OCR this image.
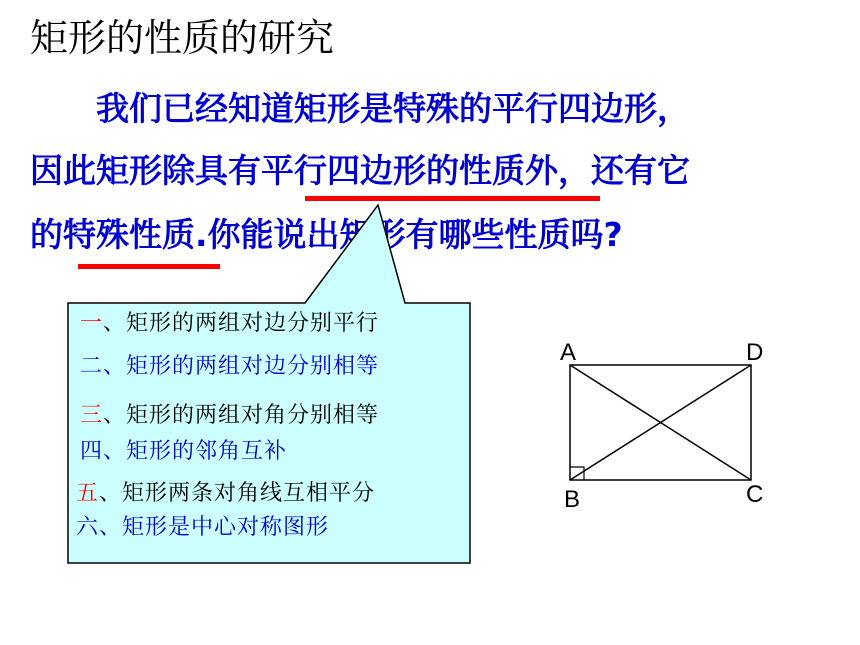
矩形的性质的研究
我们已经知道矩形是特殊的平行四边形，
因此矩形除具有平行四边形的性质外，还有它
的特殊性质.你能说出矩形有哪些性质吗?
一、矩形的两组对边分别平行
二、矩形的两组对边分别相等
三、矩形的两组对角分别相等
四、矩形的邻角互补
五、矩形两条对角线互相平分
六、矩形是中心对称图形
A	D
B	C
